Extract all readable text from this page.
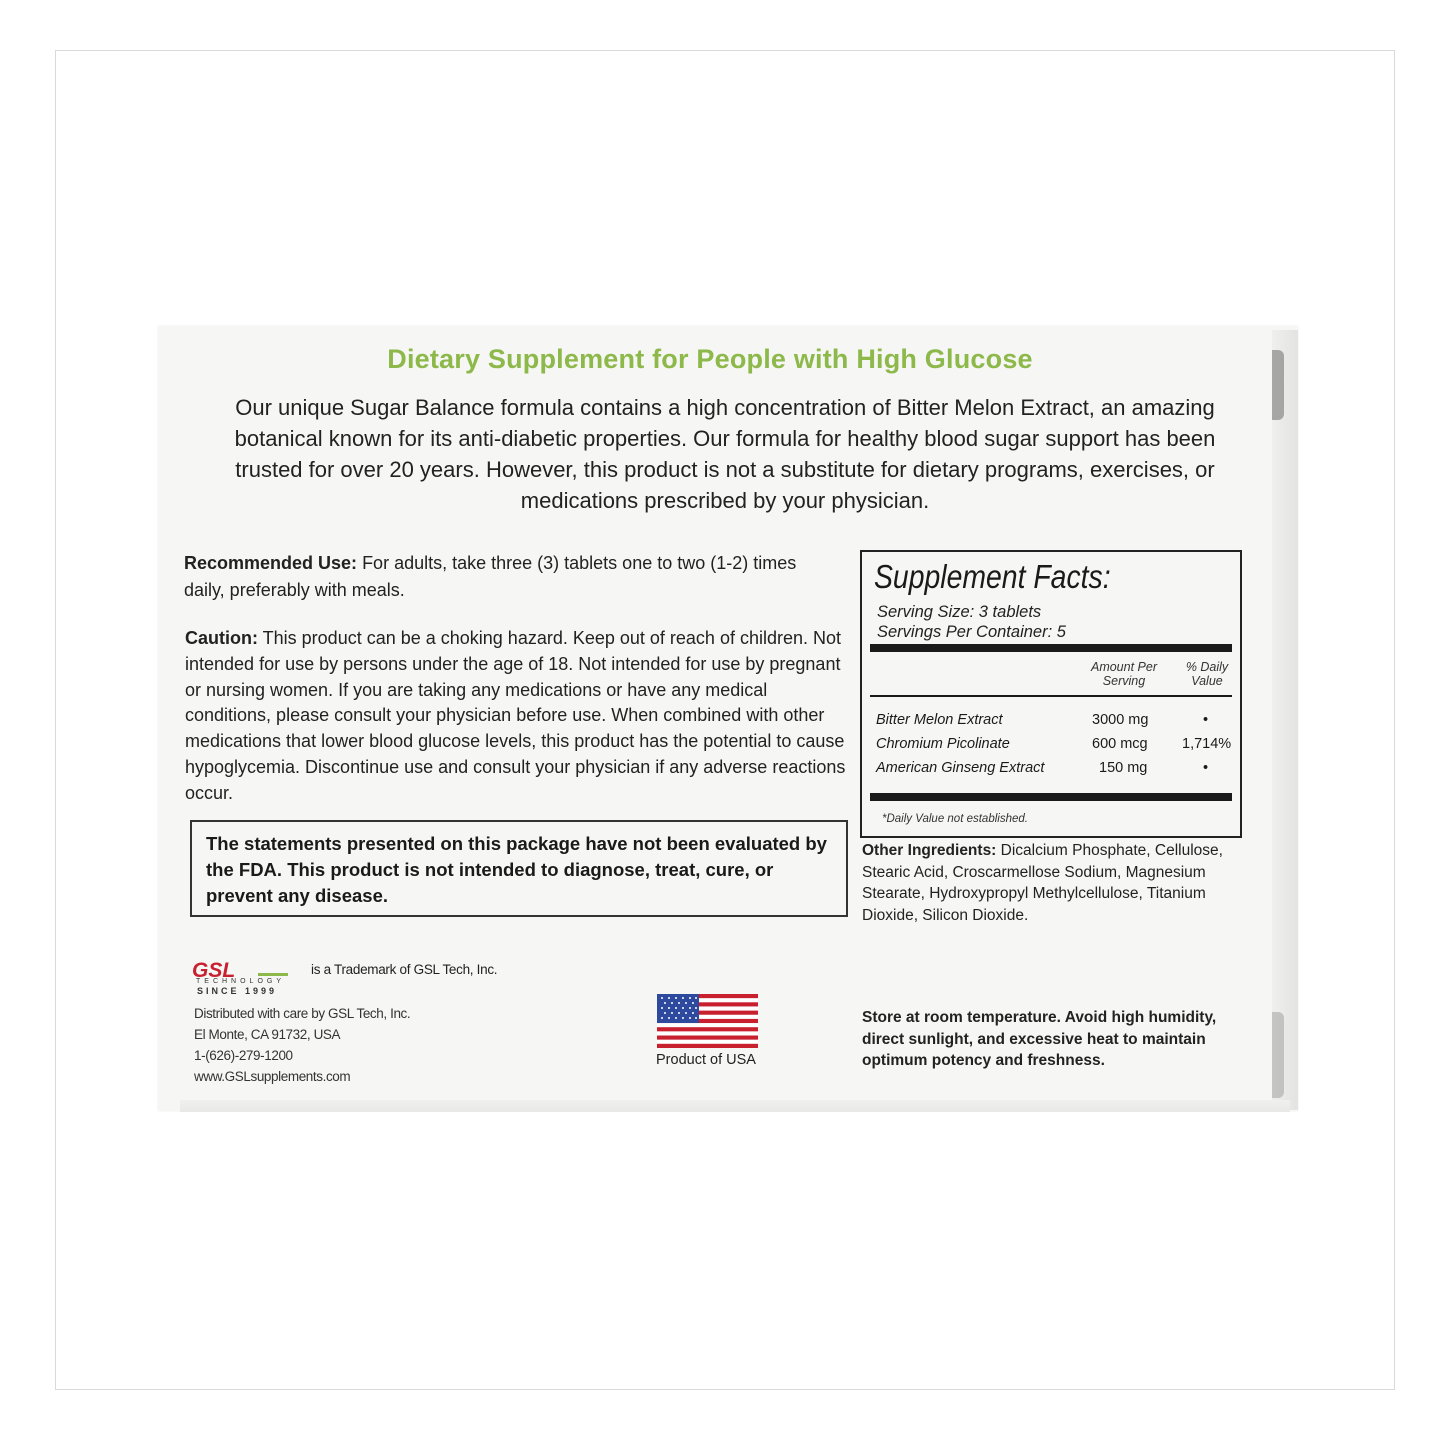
Dietary Supplement for People with High Glucose
Our unique Sugar Balance formula contains a high concentration of Bitter Melon Extract, an amazing botanical known for its anti-diabetic properties. Our formula for healthy blood sugar support has been trusted for over 20 years. However, this product is not a substitute for dietary programs, exercises, or medications prescribed by your physician.
Recommended Use: For adults, take three (3) tablets one to two (1-2) times daily, preferably with meals.
Caution: This product can be a choking hazard. Keep out of reach of children. Not intended for use by persons under the age of 18. Not intended for use by pregnant or nursing women. If you are taking any medications or have any medical conditions, please consult your physician before use. When combined with other medications that lower blood glucose levels, this product has the potential to cause hypoglycemia. Discontinue use and consult your physician if any adverse reactions occur.
The statements presented on this package have not been evaluated by the FDA. This product is not intended to diagnose, treat, cure, or prevent any disease.
Supplement Facts:
Serving Size: 3 tablets
Servings Per Container: 5
Amount Per
Serving
% Daily
Value
Bitter Melon Extract	3000 mg	•
Chromium Picolinate	600 mcg 1,714%
American Ginseng Extract	150 mg	•
*Daily Value not established.
Other Ingredients: Dicalcium Phosphate, Cellulose, Stearic Acid, Croscarmellose Sodium, Magnesium Stearate, Hydroxypropyl Methylcellulose, Titanium Dioxide, Silicon Dioxide.
Store at room temperature. Avoid high humidity, direct sunlight, and excessive heat to maintain optimum potency and freshness.
GSL
TECHNOLOGY
SINCE 1999
is a Trademark of GSL Tech, Inc.
Distributed with care by GSL Tech, Inc.
El Monte, CA 91732, USA
1-(626)-279-1200
www.GSLsupplements.com
Product of USA
